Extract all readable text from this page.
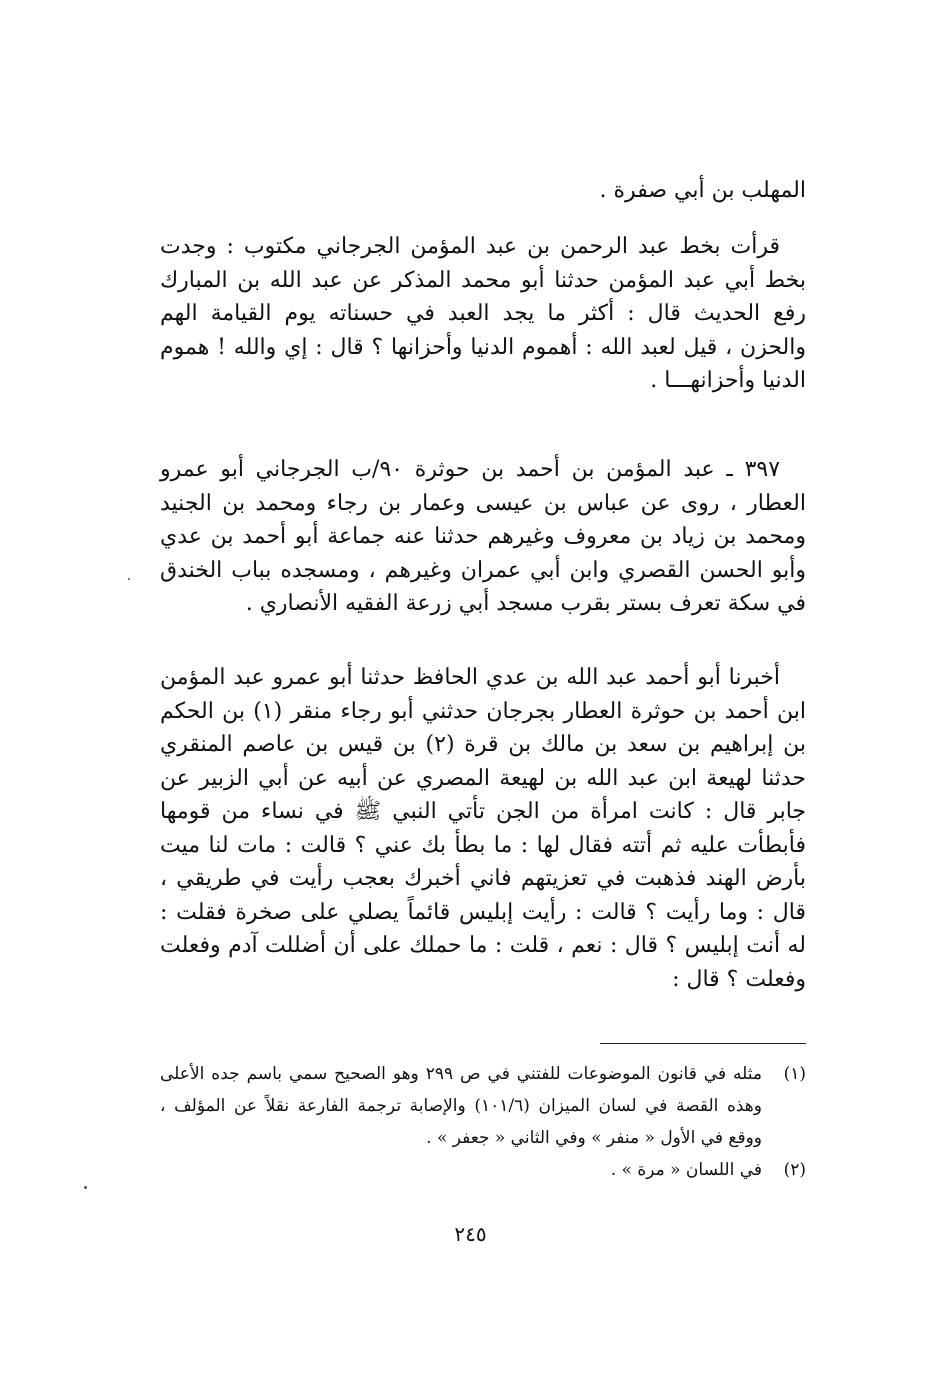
المهلب بن أبي صفرة .

قرأت بخط عبد الرحمن بن عبد المؤمن الجرجاني مكتوب : وجدت بخط أبي عبد المؤمن حدثنا أبو محمد المذكر عن عبد الله بن المبارك رفع الحديث قال : أكثر ما يجد العبد في حسناته يوم القيامة الهم والحزن ، قيل لعبد الله : أهموم الدنيا وأحزانها ؟ قال : إي والله ! هموم الدنيا وأحزانهـــا .

٣٩٧ ـ عبد المؤمن بن أحمد بن حوثرة ٩٠/ب الجرجاني أبو عمرو العطار ، روى عن عباس بن عيسى وعمار بن رجاء ومحمد بن الجنيد ومحمد بن زياد بن معروف وغيرهم حدثنا عنه جماعة أبو أحمد بن عدي وأبو الحسن القصري وابن أبي عمران وغيرهم ، ومسجده بباب الخندق في سكة تعرف بستر بقرب مسجد أبي زرعة الفقيه الأنصاري .

أخبرنا أبو أحمد عبد الله بن عدي الحافظ حدثنا أبو عمرو عبد المؤمن ابن أحمد بن حوثرة العطار بجرجان حدثني أبو رجاء منقر (١) بن الحكم بن إبراهيم بن سعد بن مالك بن قرة (٢) بن قيس بن عاصم المنقري حدثنا لهيعة ابن عبد الله بن لهيعة المصري عن أبيه عن أبي الزبير عن جابر قال : كانت امرأة من الجن تأتي النبي ﷺ في نساء من قومها فأبطأت عليه ثم أتته فقال لها : ما بطأ بك عني ؟ قالت : مات لنا ميت بأرض الهند فذهبت في تعزيتهم فاني أخبرك بعجب رأيت في طريقي ، قال : وما رأيت ؟ قالت : رأيت إبليس قائماً يصلي على صخرة فقلت : له أنت إبليس ؟ قال : نعم ، قلت : ما حملك على أن أضللت آدم وفعلت وفعلت ؟ قال :

(١)
مثله في قانون الموضوعات للفتني في ص ٢٩٩ وهو الصحيح سمي باسم جده الأعلى وهذه القصة في لسان الميزان (١٠١/٦) والإصابة ترجمة الفارعة نقلاً عن المؤلف ، ووقع في الأول « منفر » وفي الثاني « جعفر » .
(٢)
في اللسان « مرة » .
٢٤٥
